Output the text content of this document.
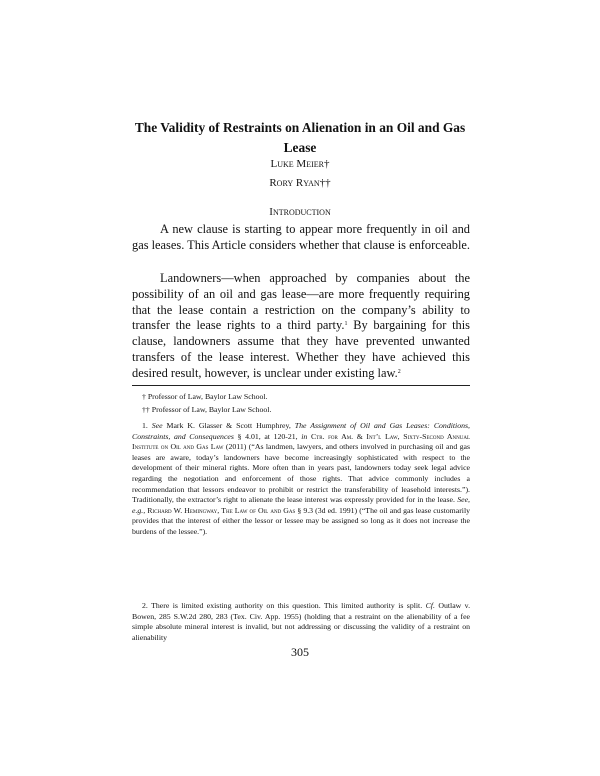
The Validity of Restraints on Alienation in an Oil and Gas Lease
Luke Meier†
Rory Ryan††
Introduction

A new clause is starting to appear more frequently in oil and gas leases. This Article considers whether that clause is enforceable.

Landowners—when approached by companies about the possibility of an oil and gas lease—are more frequently requiring that the lease contain a restriction on the company’s ability to transfer the lease rights to a third party.$^1$ By bargaining for this clause, landowners assume that they have prevented unwanted transfers of the lease interest. Whether they have achieved this desired result, however, is unclear under existing law.$^2$

† Professor of Law, Baylor Law School.

†† Professor of Law, Baylor Law School.

1. See Mark K. Glasser & Scott Humphrey, The Assignment of Oil and Gas Leases: Conditions, Constraints, and Consequences § 4.01, at 120-21, in Ctr. for Am. & Int’l Law, Sixty-Second Annual Institute on Oil and Gas Law (2011) (“As landmen, lawyers, and others involved in purchasing oil and gas leases are aware, today’s landowners have become increasingly sophisticated with respect to the development of their mineral rights. More often than in years past, landowners today seek legal advice regarding the negotiation and enforcement of those rights. That advice commonly includes a recommendation that lessors endeavor to prohibit or restrict the transferability of leasehold interests.”). Traditionally, the extractor’s right to alienate the lease interest was expressly provided for in the lease. See, e.g., Richard W. Hemingway, The Law of Oil and Gas § 9.3 (3d ed. 1991) (“The oil and gas lease customarily provides that the interest of either the lessor or lessee may be assigned so long as it does not increase the burdens of the lessee.”).

2. There is limited existing authority on this question. This limited authority is split. Cf. Outlaw v. Bowen, 285 S.W.2d 280, 283 (Tex. Civ. App. 1955) (holding that a restraint on the alienability of a fee simple absolute mineral interest is invalid, but not addressing or discussing the validity of a restraint on alienability

305
